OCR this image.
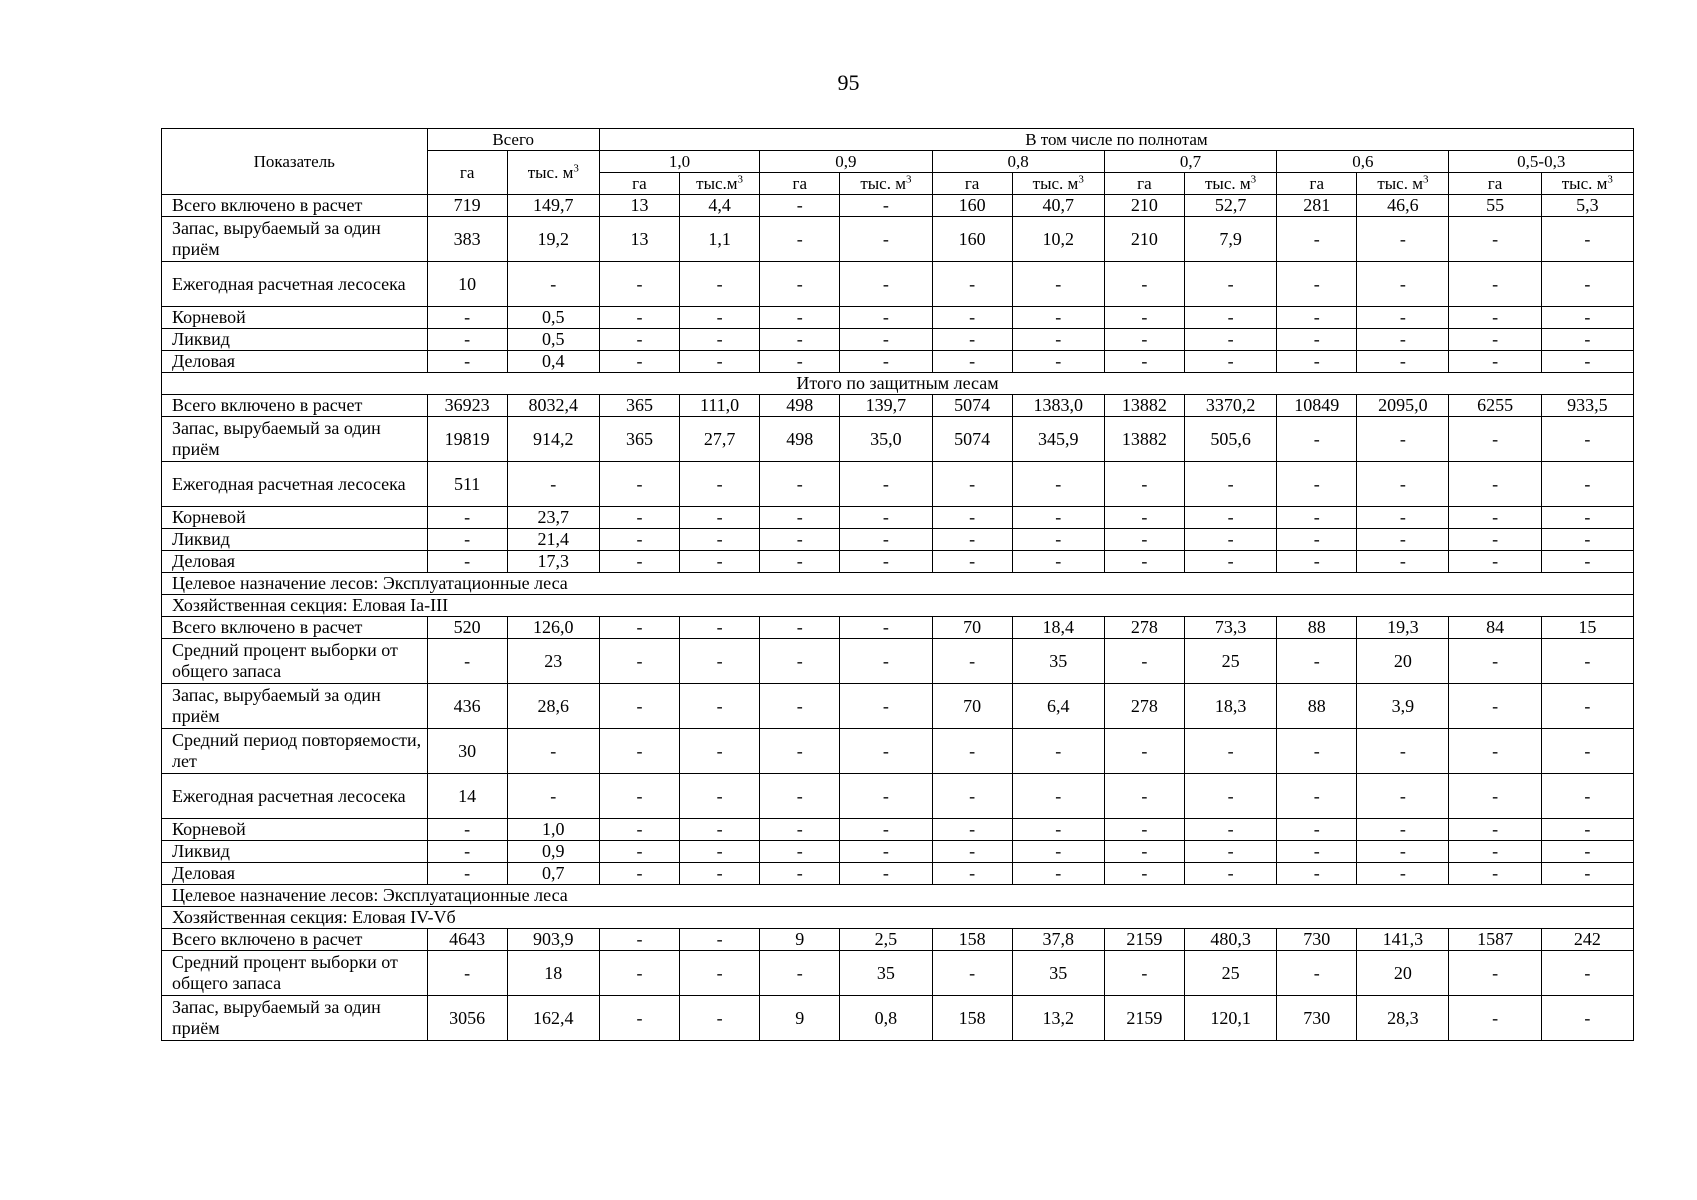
95
Показатель	Всего		В том числе по полнотам											
	га	тыс. $м^3$	1,0		0,9		0,8		0,7		0,6		0,5-0,3	
			га	$тыс.м^3$	га	тыс. $м^3$	га	тыс. $м^3$	га	тыс. $м^3$	га	тыс. $м^3$	га	тыс. $м^3$
Всего включено в расчет	719	149,7	13	4,4	-	-	160	40,7	210	52,7	281	46,6	55	5,3
Запас, вырубаемый за один приём	383	19,2	13	1,1	-	-	160	10,2	210	7,9	-	-	-	-
Ежегодная расчетная лесосека	10	-	-	-	-	-	-	-	-	-	-	-	-	-
Корневой	-	0,5	-	-	-	-	-	-	-	-	-	-	-	-
Ликвид	-	0,5	-	-	-	-	-	-	-	-	-	-	-	-
Деловая	-	0,4	-	-	-	-	-	-	-	-	-	-	-	-
Итого по защитным лесам														
Всего включено в расчет	36923	8032,4	365	111,0	498	139,7	5074	1383,0	13882	3370,2	10849	2095,0	6255	933,5
Запас, вырубаемый за один приём	19819	914,2	365	27,7	498	35,0	5074	345,9	13882	505,6	-	-	-	-
Ежегодная расчетная лесосека	511	-	-	-	-	-	-	-	-	-	-	-	-	-
Корневой	-	23,7	-	-	-	-	-	-	-	-	-	-	-	-
Ликвид	-	21,4	-	-	-	-	-	-	-	-	-	-	-	-
Деловая	-	17,3	-	-	-	-	-	-	-	-	-	-	-	-
Целевое назначение лесов: Эксплуатационные леса														
Хозяйственная секция: Еловая Ia-III														
Всего включено в расчет	520	126,0	-	-	-	-	70	18,4	278	73,3	88	19,3	84	15
Средний процент выборки от общего запаса	-	23	-	-	-	-	-	35	-	25	-	20	-	-
Запас, вырубаемый за один приём	436	28,6	-	-	-	-	70	6,4	278	18,3	88	3,9	-	-
Средний период повторяемости, лет	30	-	-	-	-	-	-	-	-	-	-	-	-	-
Ежегодная расчетная лесосека	14	-	-	-	-	-	-	-	-	-	-	-	-	-
Корневой	-	1,0	-	-	-	-	-	-	-	-	-	-	-	-
Ликвид	-	0,9	-	-	-	-	-	-	-	-	-	-	-	-
Деловая	-	0,7	-	-	-	-	-	-	-	-	-	-	-	-
Целевое назначение лесов: Эксплуатационные леса														
Хозяйственная секция: Еловая IV-Vб														
Всего включено в расчет	4643	903,9	-	-	9	2,5	158	37,8	2159	480,3	730	141,3	1587	242
Средний процент выборки от общего запаса	-	18	-	-	-	35	-	35	-	25	-	20	-	-
Запас, вырубаемый за один приём	3056	162,4	-	-	9	0,8	158	13,2	2159	120,1	730	28,3	-	-
